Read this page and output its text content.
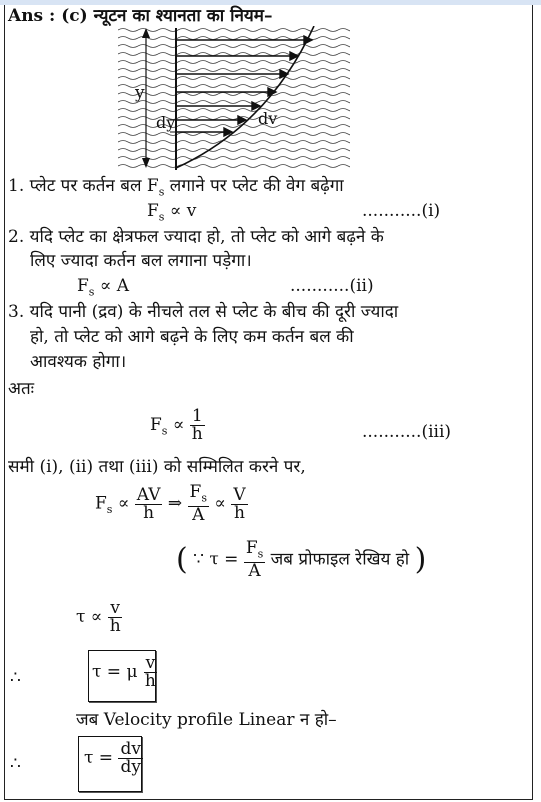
Ans : (c) न्यूटन का श्यानता का नियम–
y
dy	dv
1. प्लेट पर कर्तन बल $F_s$ लगाने पर प्लेट की वेग बढ़ेगा
$F_s \propto v$	...........(i)
2. यदि प्लेट का क्षेत्रफल ज्यादा हो, तो प्लेट को आगे बढ़ने के
लिए ज्यादा कर्तन बल लगाना पड़ेगा।
$F_s \propto A$	...........(ii)
3. यदि पानी (द्रव) के नीचले तल से प्लेट के बीच की दूरी ज्यादा
हो, तो प्लेट को आगे बढ़ने के लिए कम कर्तन बल की
आवश्यक होगा।
अतः
$F_s \propto \frac{1}{h}$	...........(iii)
समी (i), (ii) तथा (iii) को सम्मिलित करने पर,
$F_s \propto \frac{AV}{h}$ ⇒ $\frac{F_s}{A} \propto \frac{V}{h}$
( ∵ $\tau = \frac{F_s}{A}$ जब प्रोफाइल रेखिय हो )
$\tau \propto \frac{v}{h}$
∴	τ = μ $\frac{v}{h}$
जब Velocity profile Linear न हो–
∴	$\tau = \frac{dv}{dy}$
